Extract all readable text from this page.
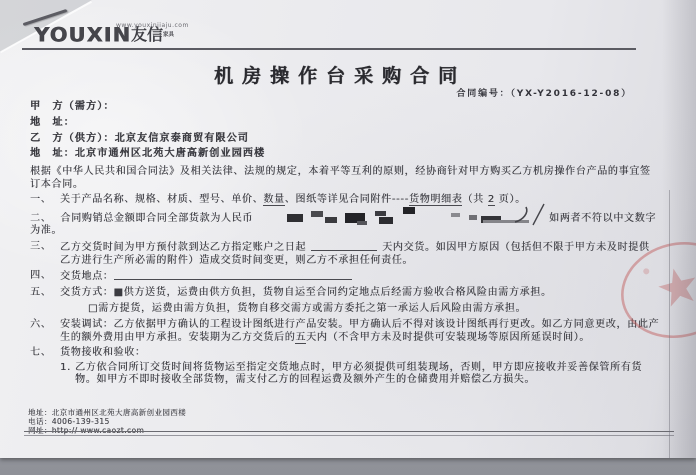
YOUXIN友信家具
www.youxinjiaju.com
机房操作台采购合同
合同编号：（YX-Y2016-12-08）
甲　方（需方）：
地　址：
乙　方（供方）：北京友信京泰商贸有限公司
地　址：北京市通州区北苑大唐高新创业园西楼
根据《中华人民共和国合同法》及相关法律、法规的规定，本着平等互利的原则，经协商针对甲方购买乙方机房操作台产品的事宜签订本合同。
一、 关于产品名称、规格、材质、型号、单价、数量、图纸等详见合同附件----货物明细表（共 2 页）。
二、 合同购销总金额即合同全部货款为人民币	如两者不符以中文数字为准。
三、 乙方交货时间为甲方预付款到达乙方指定账户之日起	天内交货。如因甲方原因（包括但不限于甲方未及时提供乙方进行生产所必需的附件）造成交货时间变更，则乙方不承担任何责任。
四、 交货地点：
五、 交货方式：■供方送货，运费由供方负担，货物自运至合同约定地点后经需方验收合格风险由需方承担。
□需方提货，运费由需方负担，货物自移交需方或需方委托之第一承运人后风险由需方承担。
六、 安装调试：乙方依据甲方确认的工程设计图纸进行产品安装。甲方确认后不得对该设计图纸再行更改。如乙方同意更改，由此产生的额外费用由甲方承担。安装期为乙方交货后的五天内（不含甲方未及时提供可安装现场等原因所延误时间）。
七、 货物接收和验收：
1. 乙方依合同所订交货时间将货物运至指定交货地点时，甲方必须提供可组装现场，否则，甲方即应接收并妥善保管所有货物。如甲方不即时接收全部货物，需支付乙方的回程运费及额外产生的仓储费用并赔偿乙方损失。
地址：北京市通州区北苑大唐高新创业园西楼
电话：4006-139-315
网址：http:// www.caozt.com
